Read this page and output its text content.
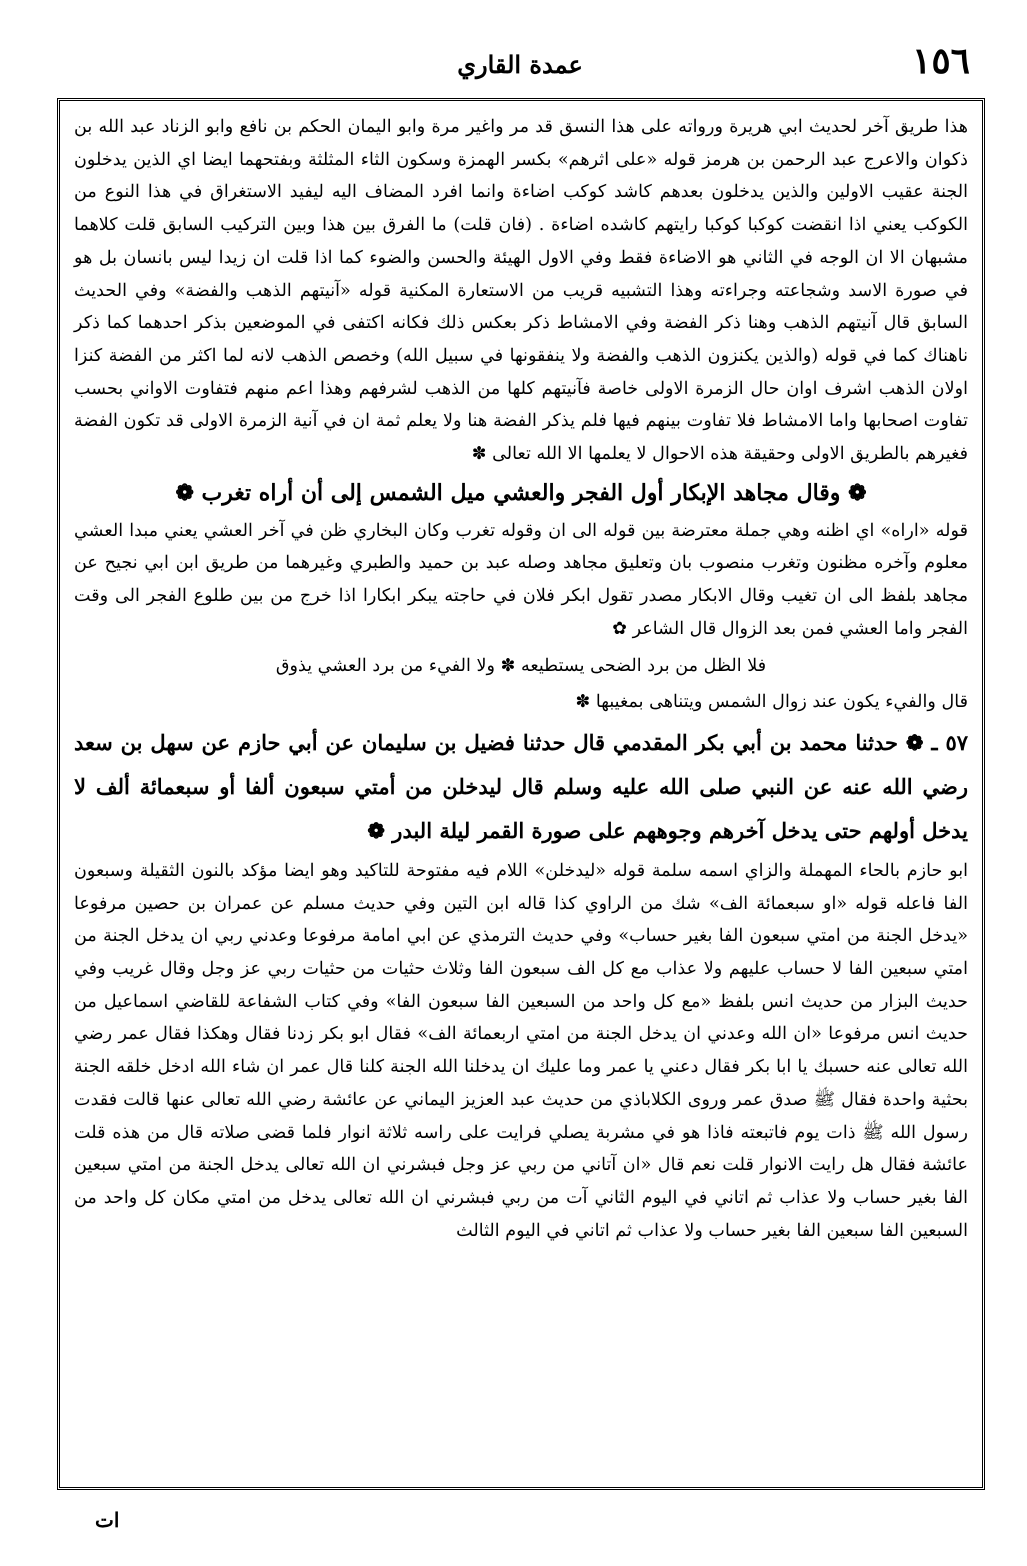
١٥٦
عمدة القاري

هذا طريق آخر لحديث ابي هريرة ورواته على هذا النسق قد مر واغير مرة وابو اليمان الحكم بن نافع وابو الزناد عبد الله بن ذكوان والاعرج عبد الرحمن بن هرمز قوله «على اثرهم» بكسر الهمزة وسكون الثاء المثلثة وبفتحهما ايضا اي الذين يدخلون الجنة عقيب الاولين والذين يدخلون بعدهم كاشد كوكب اضاءة وانما افرد المضاف اليه ليفيد الاستغراق في هذا النوع من الكوكب يعني اذا انقضت كوكبا كوكبا رايتهم كاشده اضاءة . (فان قلت) ما الفرق بين هذا وبين التركيب السابق قلت كلاهما مشبهان الا ان الوجه في الثاني هو الاضاءة فقط وفي الاول الهيئة والحسن والضوء كما اذا قلت ان زيدا ليس بانسان بل هو في صورة الاسد وشجاعته وجراءته وهذا التشبيه قريب من الاستعارة المكنية قوله «آنيتهم الذهب والفضة» وفي الحديث السابق قال آنيتهم الذهب وهنا ذكر الفضة وفي الامشاط ذكر بعكس ذلك فكانه اكتفى في الموضعين بذكر احدهما كما ذكر ناهناك كما في قوله (والذين يكنزون الذهب والفضة ولا ينفقونها في سبيل الله) وخصص الذهب لانه لما اكثر من الفضة كنزا اولان الذهب اشرف اوان حال الزمرة الاولى خاصة فآنيتهم كلها من الذهب لشرفهم وهذا اعم منهم فتفاوت الاواني بحسب تفاوت اصحابها واما الامشاط فلا تفاوت بينهم فيها فلم يذكر الفضة هنا ولا يعلم ثمة ان في آنية الزمرة الاولى قد تكون الفضة فغيرهم بالطريق الاولى وحقيقة هذه الاحوال لا يعلمها الا الله تعالى ✽

❁ وقال مجاهد الإبكار أول الفجر والعشي ميل الشمس إلى أن أراه تغرب ❁

قوله «اراه» اي اظنه وهي جملة معترضة بين قوله الى ان وقوله تغرب وكان البخاري ظن في آخر العشي يعني مبدا العشي معلوم وآخره مظنون وتغرب منصوب بان وتعليق مجاهد وصله عبد بن حميد والطبري وغيرهما من طريق ابن ابي نجيح عن مجاهد بلفظ الى ان تغيب وقال الابكار مصدر تقول ابكر فلان في حاجته يبكر ابكارا اذا خرج من بين طلوع الفجر الى وقت الفجر واما العشي فمن بعد الزوال قال الشاعر ✿

فلا الظل من برد الضحى يستطيعه ✽ ولا الفيء من برد العشي يذوق

قال والفيء يكون عند زوال الشمس ويتناهى بمغيبها ✽

٥٧ ـ ❁ حدثنا محمد بن أبي بكر المقدمي قال حدثنا فضيل بن سليمان عن أبي حازم عن سهل بن سعد رضي الله عنه عن النبي صلى الله عليه وسلم قال ليدخلن من أمتي سبعون ألفا أو سبعمائة ألف لا يدخل أولهم حتى يدخل آخرهم وجوههم على صورة القمر ليلة البدر ❁

ابو حازم بالحاء المهملة والزاي اسمه سلمة قوله «ليدخلن» اللام فيه مفتوحة للتاكيد وهو ايضا مؤكد بالنون الثقيلة وسبعون الفا فاعله قوله «او سبعمائة الف» شك من الراوي كذا قاله ابن التين وفي حديث مسلم عن عمران بن حصين مرفوعا «يدخل الجنة من امتي سبعون الفا بغير حساب» وفي حديث الترمذي عن ابي امامة مرفوعا وعدني ربي ان يدخل الجنة من امتي سبعين الفا لا حساب عليهم ولا عذاب مع كل الف سبعون الفا وثلاث حثيات من حثيات ربي عز وجل وقال غريب وفي حديث البزار من حديث انس بلفظ «مع كل واحد من السبعين الفا سبعون الفا» وفي كتاب الشفاعة للقاضي اسماعيل من حديث انس مرفوعا «ان الله وعدني ان يدخل الجنة من امتي اربعمائة الف» فقال ابو بكر زدنا فقال وهكذا فقال عمر رضي الله تعالى عنه حسبك يا ابا بكر فقال دعني يا عمر وما عليك ان يدخلنا الله الجنة كلنا قال عمر ان شاء الله ادخل خلقه الجنة بحثية واحدة فقال ﷺ صدق عمر وروى الكلاباذي من حديث عبد العزيز اليماني عن عائشة رضي الله تعالى عنها قالت فقدت رسول الله ﷺ ذات يوم فاتبعته فاذا هو في مشربة يصلي فرايت على راسه ثلاثة انوار فلما قضى صلاته قال من هذه قلت عائشة فقال هل رايت الانوار قلت نعم قال «ان آتاني من ربي عز وجل فبشرني ان الله تعالى يدخل الجنة من امتي سبعين الفا بغير حساب ولا عذاب ثم اتاني في اليوم الثاني آت من ربي فبشرني ان الله تعالى يدخل من امتي مكان كل واحد من السبعين الفا سبعين الفا بغير حساب ولا عذاب ثم اتاني في اليوم الثالث

ات
